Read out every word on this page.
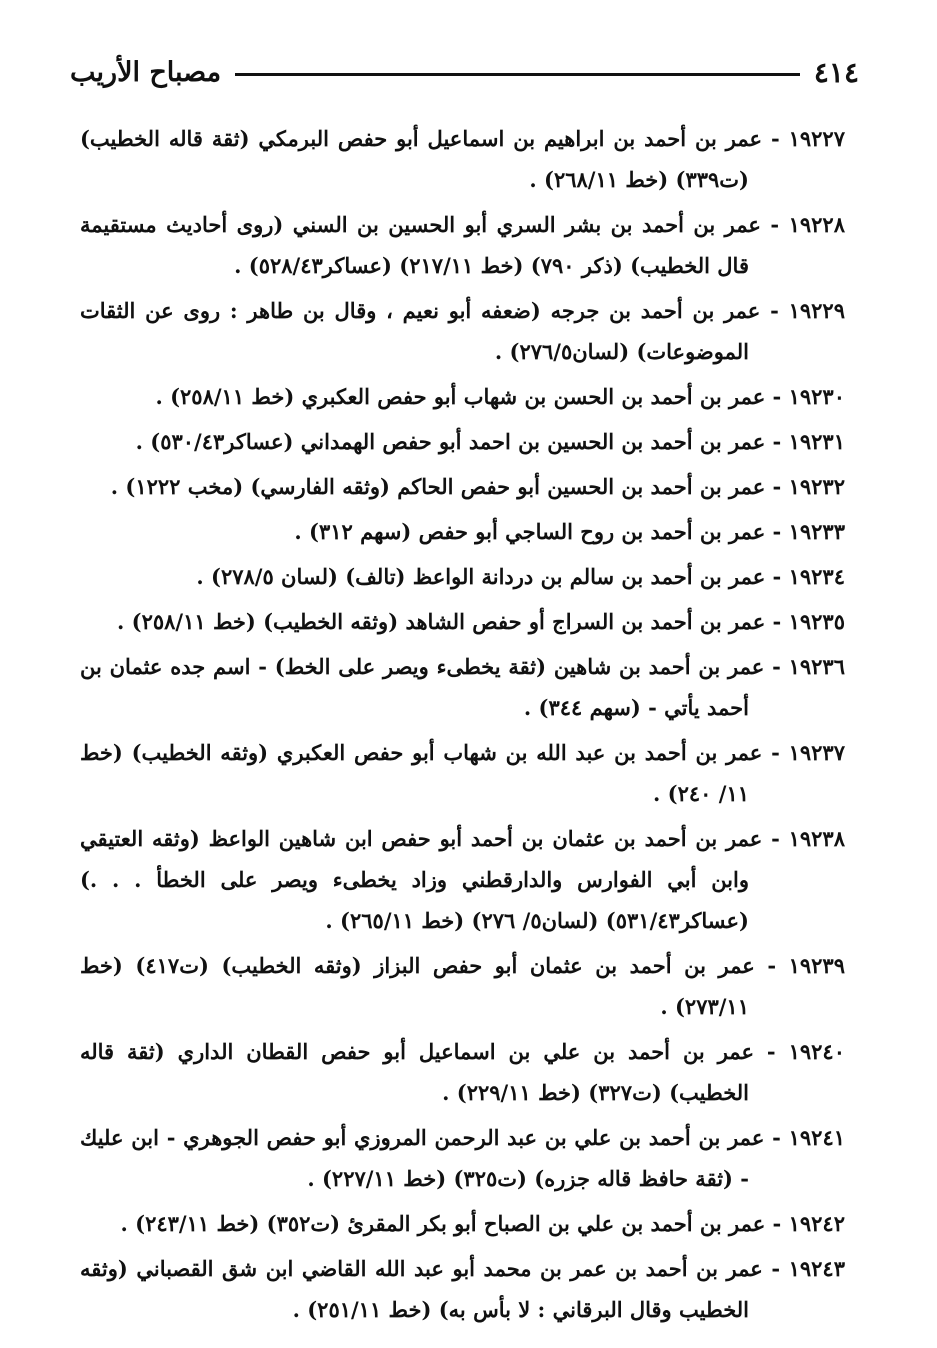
٤١٤
مصباح الأريب

١٩٢٢٧ - عمر بن أحمد بن ابراهيم بن اسماعيل أبو حفص البرمكي (ثقة قاله الخطيب) (ت٣٣٩) (خط ٢٦٨/١١) .

١٩٢٢٨ - عمر بن أحمد بن بشر السري أبو الحسين بن السني (روى أحاديث مستقيمة قال الخطيب) (ذكر ٧٩٠) (خط ٢١٧/١١) (عساكر٥٢٨/٤٣) .

١٩٢٢٩ - عمر بن أحمد بن جرجه (ضعفه أبو نعيم ، وقال بن طاهر : روى عن الثقات الموضوعات) (لسان٢٧٦/٥) .

١٩٢٣٠ - عمر بن أحمد بن الحسن بن شهاب أبو حفص العكبري (خط ٢٥٨/١١) .

١٩٢٣١ - عمر بن أحمد بن الحسين بن احمد أبو حفص الهمداني (عساكر٥٣٠/٤٣) .

١٩٢٣٢ - عمر بن أحمد بن الحسين أبو حفص الحاكم (وثقه الفارسي) (مخب ١٢٢٢) .

١٩٢٣٣ - عمر بن أحمد بن روح الساجي أبو حفص (سهم ٣١٢) .

١٩٢٣٤ - عمر بن أحمد بن سالم بن دردانة الواعظ (تالف) (لسان ٢٧٨/٥) .

١٩٢٣٥ - عمر بن أحمد بن السراج أو حفص الشاهد (وثقه الخطيب) (خط ٢٥٨/١١) .

١٩٢٣٦ - عمر بن أحمد بن شاهين (ثقة يخطىء ويصر على الخط) - اسم جده عثمان بن أحمد يأتي - (سهم ٣٤٤) .

١٩٢٣٧ - عمر بن أحمد بن عبد الله بن شهاب أبو حفص العكبري (وثقه الخطيب) (خط ١١/ ٢٤٠) .

١٩٢٣٨ - عمر بن أحمد بن عثمان بن أحمد أبو حفص ابن شاهين الواعظ (وثقه العتيقي وابن أبي الفوارس والدارقطني وزاد يخطىء ويصر على الخطأ . . .) (عساكر٥٣١/٤٣) (لسان٥/ ٢٧٦) (خط ٢٦٥/١١) .

١٩٢٣٩ - عمر بن أحمد بن عثمان أبو حفص البزاز (وثقه الخطيب) (ت٤١٧) (خط ٢٧٣/١١) .

١٩٢٤٠ - عمر بن أحمد بن علي بن اسماعيل أبو حفص القطان الداري (ثقة قاله الخطيب) (ت٣٢٧) (خط ٢٢٩/١١) .

١٩٢٤١ - عمر بن أحمد بن علي بن عبد الرحمن المروزي أبو حفص الجوهري - ابن عليك - (ثقة حافظ قاله جزره) (ت٣٢٥) (خط ٢٢٧/١١) .

١٩٢٤٢ - عمر بن أحمد بن علي بن الصباح أبو بكر المقرئ (ت٣٥٢) (خط ٢٤٣/١١) .

١٩٢٤٣ - عمر بن أحمد بن عمر بن محمد أبو عبد الله القاضي ابن شق القصباني (وثقه الخطيب وقال البرقاني : لا بأس به) (خط ٢٥١/١١) .
